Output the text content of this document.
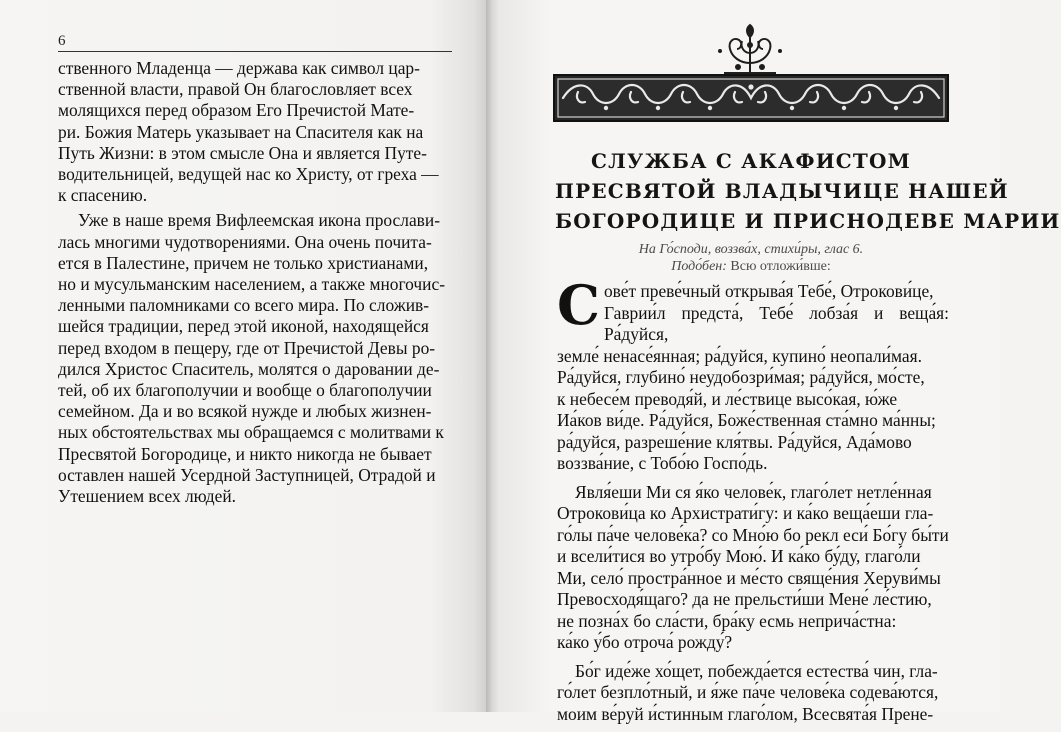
6

ственного Младенца — держава как символ цар-
ственной власти, правой Он благословляет всех
молящихся перед образом Его Пречистой Мате-
ри. Божия Матерь указывает на Спасителя как на
Путь Жизни: в этом смысле Она и является Путе-
водительницей, ведущей нас ко Христу, от греха —
к спасению.

Уже в наше время Вифлеемская икона прослави-
лась многими чудотворениями. Она очень почита-
ется в Палестине, причем не только христианами,
но и мусульманским населением, а также многочис-
ленными паломниками со всего мира. По сложив-
шейся традиции, перед этой иконой, находящейся
перед входом в пещеру, где от Пречистой Девы ро-
дился Христос Спаситель, молятся о даровании де-
тей, об их благополучии и вообще о благополучии
семейном. Да и во всякой нужде и любых жизнен-
ных обстоятельствах мы обращаемся с молитвами к
Пресвятой Богородице, и никто никогда не бывает
оставлен нашей Усердной Заступницей, Отрадой и
Утешением всех людей.

СЛУЖБА С АКАФИСТОМ
ПРЕСВЯТОЙ ВЛАДЫЧИЦЕ НАШЕЙ
БОГОРОДИЦЕ И ПРИСНОДЕВЕ МАРИИ
На Го́споди, воззва́х, стихи́ры, глас 6.
Подо́бен: Всю отложи́вше:

С ове́т преве́чный открыва́я Тебе́, Отрокови́це,
Гаврии́л предста́, Тебе́ лобза́я и веща́я: Ра́дуйся,
земле́ ненасе́янная; ра́дуйся, купино́ неопали́мая.
Ра́дуйся, глубино́ неудобозри́мая; ра́дуйся, мо́сте,
к небесе́м преводя́й, и ле́ствице высо́кая, ю́же
Иа́ков ви́де. Ра́дуйся, Боже́ственная ста́мно ма́нны;
ра́дуйся, разреше́ние кля́твы. Ра́дуйся, Ада́мово
воззва́ние, с Тобо́ю Госпо́дь.

Явля́еши Ми ся я́ко челове́к, глаго́лет нетле́нная
Отрокови́ца ко Архистрати́гу: и ка́ко веща́еши гла-
го́лы па́че челове́ка? со Мно́ю бо рекл еси́ Бо́гу бы́ти
и всели́тися во утро́бу Мою́. И ка́ко бу́ду, глаго́ли
Ми, село́ простра́нное и ме́сто свяще́ния Херуви́мы
Превосходя́щаго? да не прельсти́ши Мене́ ле́стию,
не позна́х бо сла́сти, бра́ку есмь неприча́стна:
ка́ко у́бо отроча́ рожду́?

Бо́г иде́же хо́щет, побежда́ется естества́ чин, гла-
го́лет безпло́тный, и я́же па́че челове́ка содева́ются,
моим ве́руй и́стинным глаго́лом, Всесвята́я Прене-
